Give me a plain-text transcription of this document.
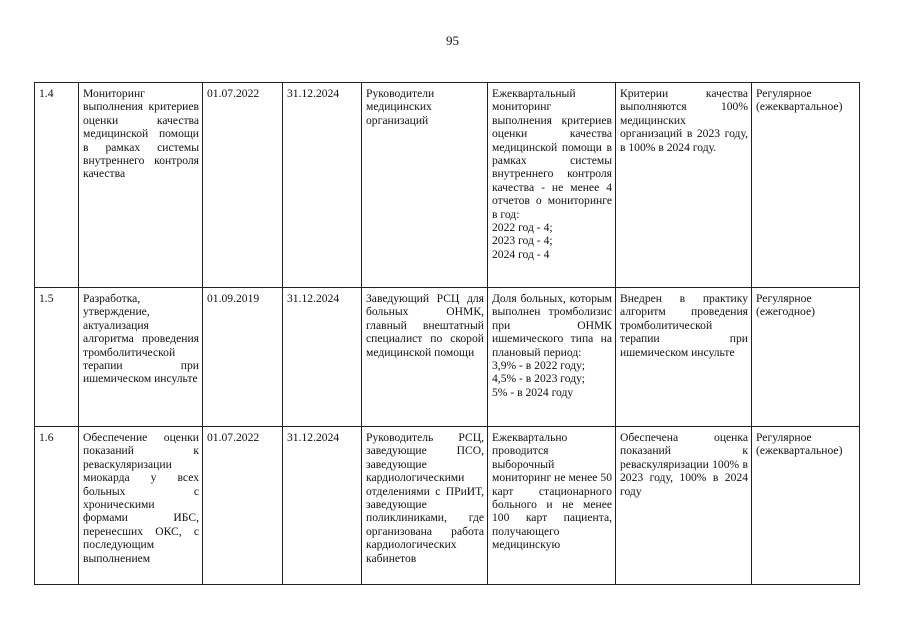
95
1.4	Мониторинг выполнения критериев оценки качества медицинской помощи в рамках системы внутреннего контроля качества	01.07.2022	31.12.2024	Руководители медицинских организаций	Ежеквартальный мониторинг выполнения критериев оценки качества медицинской помощи в рамках системы внутреннего контроля качества - не менее 4 отчетов о мониторинге в год:
2022 год - 4;
2023 год - 4;
2024 год - 4	Критерии качества выполняются 100% медицинских организаций в 2023 году, в 100% в 2024 году.	Регулярное (ежеквартальное)
1.5	Разработка, утверждение, актуализация алгоритма проведения тромболитической терапии при ишемическом инсульте	01.09.2019	31.12.2024	Заведующий РСЦ для больных ОНМК, главный внештатный специалист по скорой медицинской помощи	Доля больных, которым выполнен тромболизис при ОНМК ишемического типа на плановый период:
3,9% - в 2022 году;
4,5% - в 2023 году;
5% - в 2024 году	Внедрен в практику алгоритм проведения тромболитической терапии при ишемическом инсульте	Регулярное (ежегодное)
1.6	Обеспечение оценки показаний к реваскуляризации миокарда у всех больных с хроническими формами ИБС, перенесших ОКС, с последующим выполнением	01.07.2022	31.12.2024	Руководитель РСЦ, заведующие ПСО, заведующие кардиологическими отделениями с ПРиИТ, заведующие поликлиниками, где организована работа кардиологических кабинетов	Ежеквартально проводится выборочный мониторинг не менее 50 карт стационарного больного и не менее 100 карт пациента, получающего медицинскую	Обеспечена оценка показаний к реваскуляризации 100% в 2023 году, 100% в 2024 году	Регулярное (ежеквартальное)
